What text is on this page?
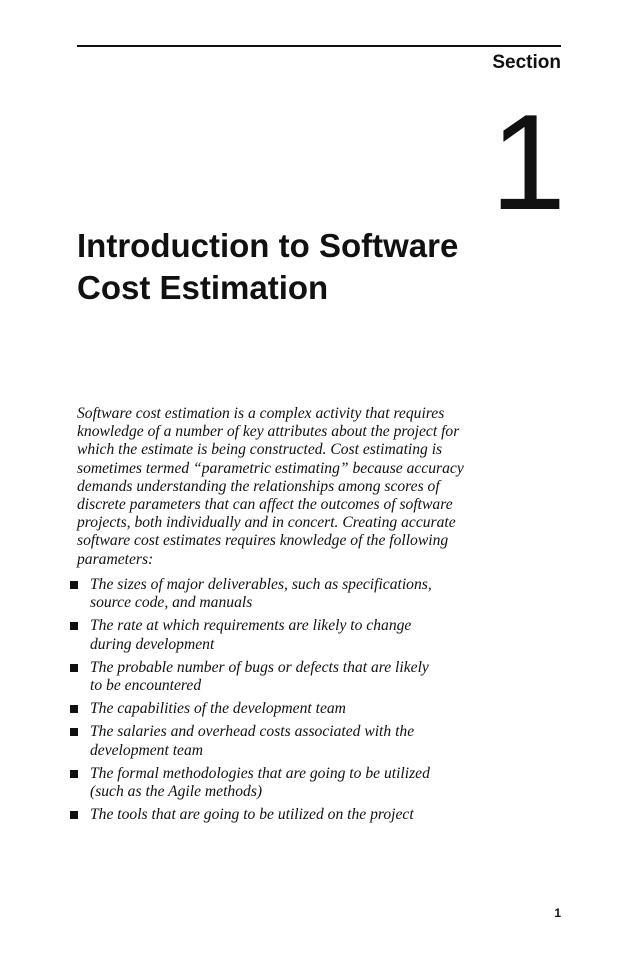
Section
1
Introduction to Software
Cost Estimation

Software cost estimation is a complex activity that requires
knowledge of a number of key attributes about the project for
which the estimate is being constructed. Cost estimating is
sometimes termed “parametric estimating” because accuracy
demands understanding the relationships among scores of
discrete parameters that can affect the outcomes of software
projects, both individually and in concert. Creating accurate
software cost estimates requires knowledge of the following
parameters:

The sizes of major deliverables, such as specifications,
source code, and manuals
The rate at which requirements are likely to change
during development
The probable number of bugs or defects that are likely
to be encountered
The capabilities of the development team
The salaries and overhead costs associated with the
development team
The formal methodologies that are going to be utilized
(such as the Agile methods)
The tools that are going to be utilized on the project
1
